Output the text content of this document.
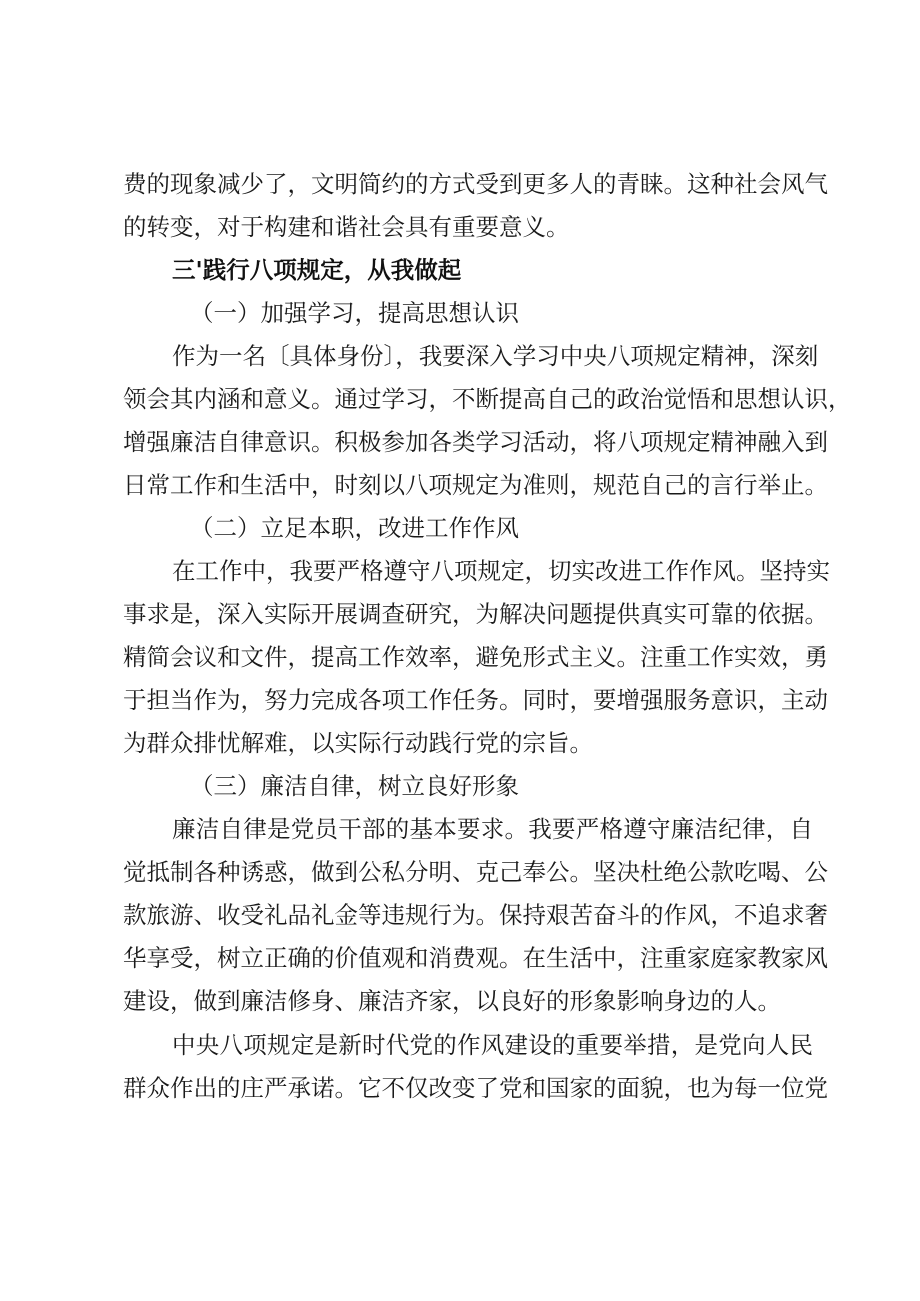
费的现象减少了，文明简约的方式受到更多人的青睐。这种社会风气
的转变，对于构建和谐社会具有重要意义。
三'践行八项规定，从我做起
（一）加强学习，提高思想认识
作为一名〔具体身份〕，我要深入学习中央八项规定精神，深刻
领会其内涵和意义。通过学习，不断提高自己的政治觉悟和思想认识，
增强廉洁自律意识。积极参加各类学习活动，将八项规定精神融入到
日常工作和生活中，时刻以八项规定为准则，规范自己的言行举止。
（二）立足本职，改进工作作风
在工作中，我要严格遵守八项规定，切实改进工作作风。坚持实
事求是，深入实际开展调查研究，为解决问题提供真实可靠的依据。
精简会议和文件，提高工作效率，避免形式主义。注重工作实效，勇
于担当作为，努力完成各项工作任务。同时，要增强服务意识，主动
为群众排忧解难，以实际行动践行党的宗旨。
（三）廉洁自律，树立良好形象
廉洁自律是党员干部的基本要求。我要严格遵守廉洁纪律，自
觉抵制各种诱惑，做到公私分明、克己奉公。坚决杜绝公款吃喝、公
款旅游、收受礼品礼金等违规行为。保持艰苦奋斗的作风，不追求奢
华享受，树立正确的价值观和消费观。在生活中，注重家庭家教家风
建设，做到廉洁修身、廉洁齐家，以良好的形象影响身边的人。
中央八项规定是新时代党的作风建设的重要举措，是党向人民
群众作出的庄严承诺。它不仅改变了党和国家的面貌，也为每一位党
